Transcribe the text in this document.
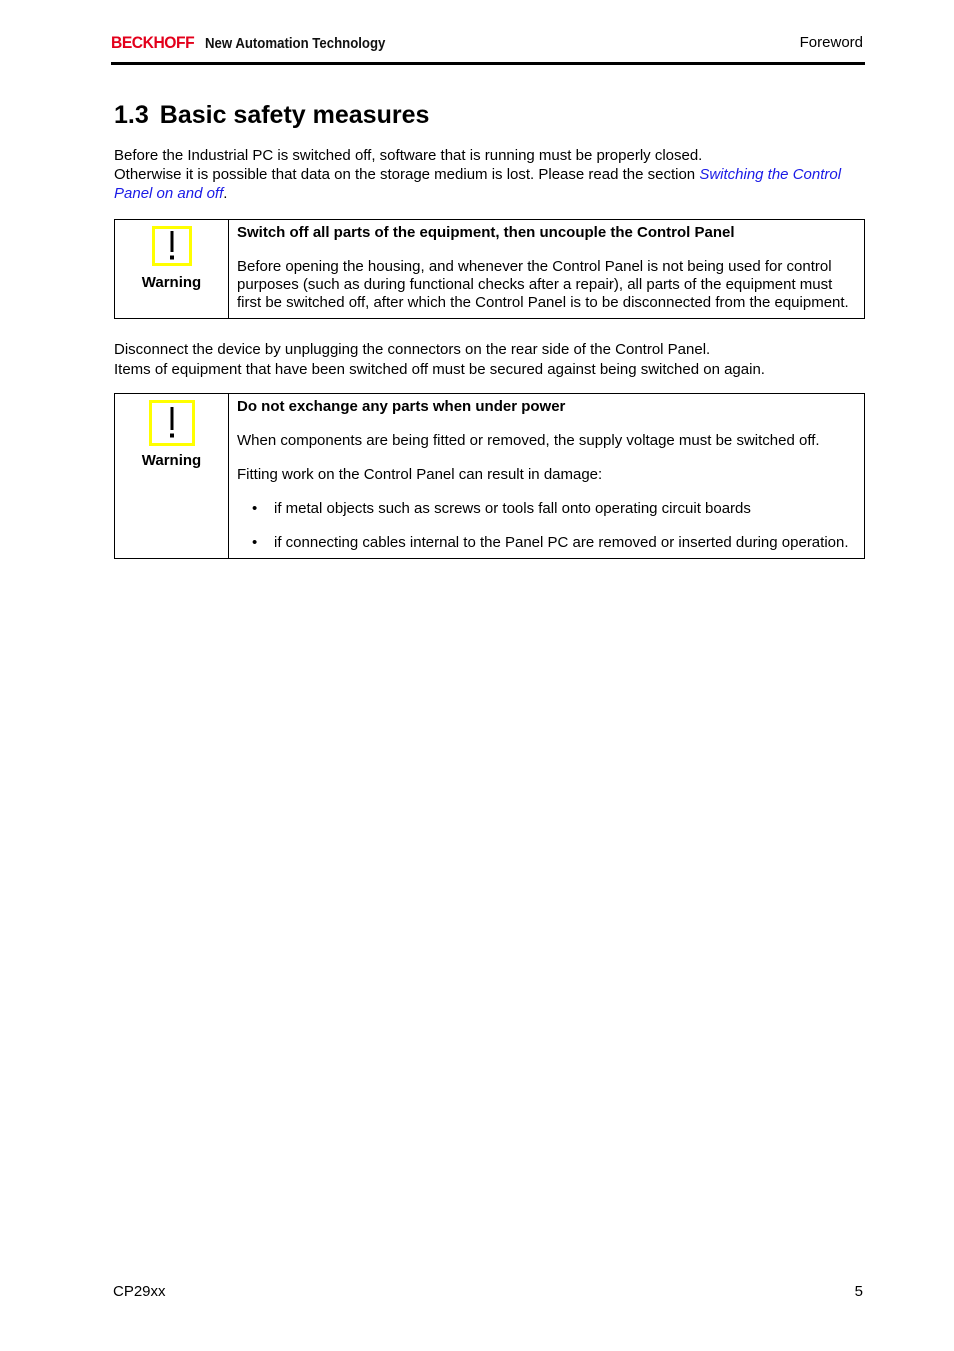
BECKHOFF New Automation Technology	Foreword
1.3 Basic safety measures

Before the Industrial PC is switched off, software that is running must be properly closed.
Otherwise it is possible that data on the storage medium is lost. Please read the section Switching the Control Panel on and off.

Warning

Switch off all parts of the equipment, then uncouple the Control Panel
Before opening the housing, and whenever the Control Panel is not being used for control purposes (such as during functional checks after a repair), all parts of the equipment must first be switched off, after which the Control Panel is to be disconnected from the equipment.

Disconnect the device by unplugging the connectors on the rear side of the Control Panel.
Items of equipment that have been switched off must be secured against being switched on again.

Warning

Do not exchange any parts when under power
When components are being fitted or removed, the supply voltage must be switched off.
Fitting work on the Control Panel can result in damage:
• if metal objects such as screws or tools fall onto operating circuit boards
• if connecting cables internal to the Panel PC are removed or inserted during operation.
CP29xx	5
